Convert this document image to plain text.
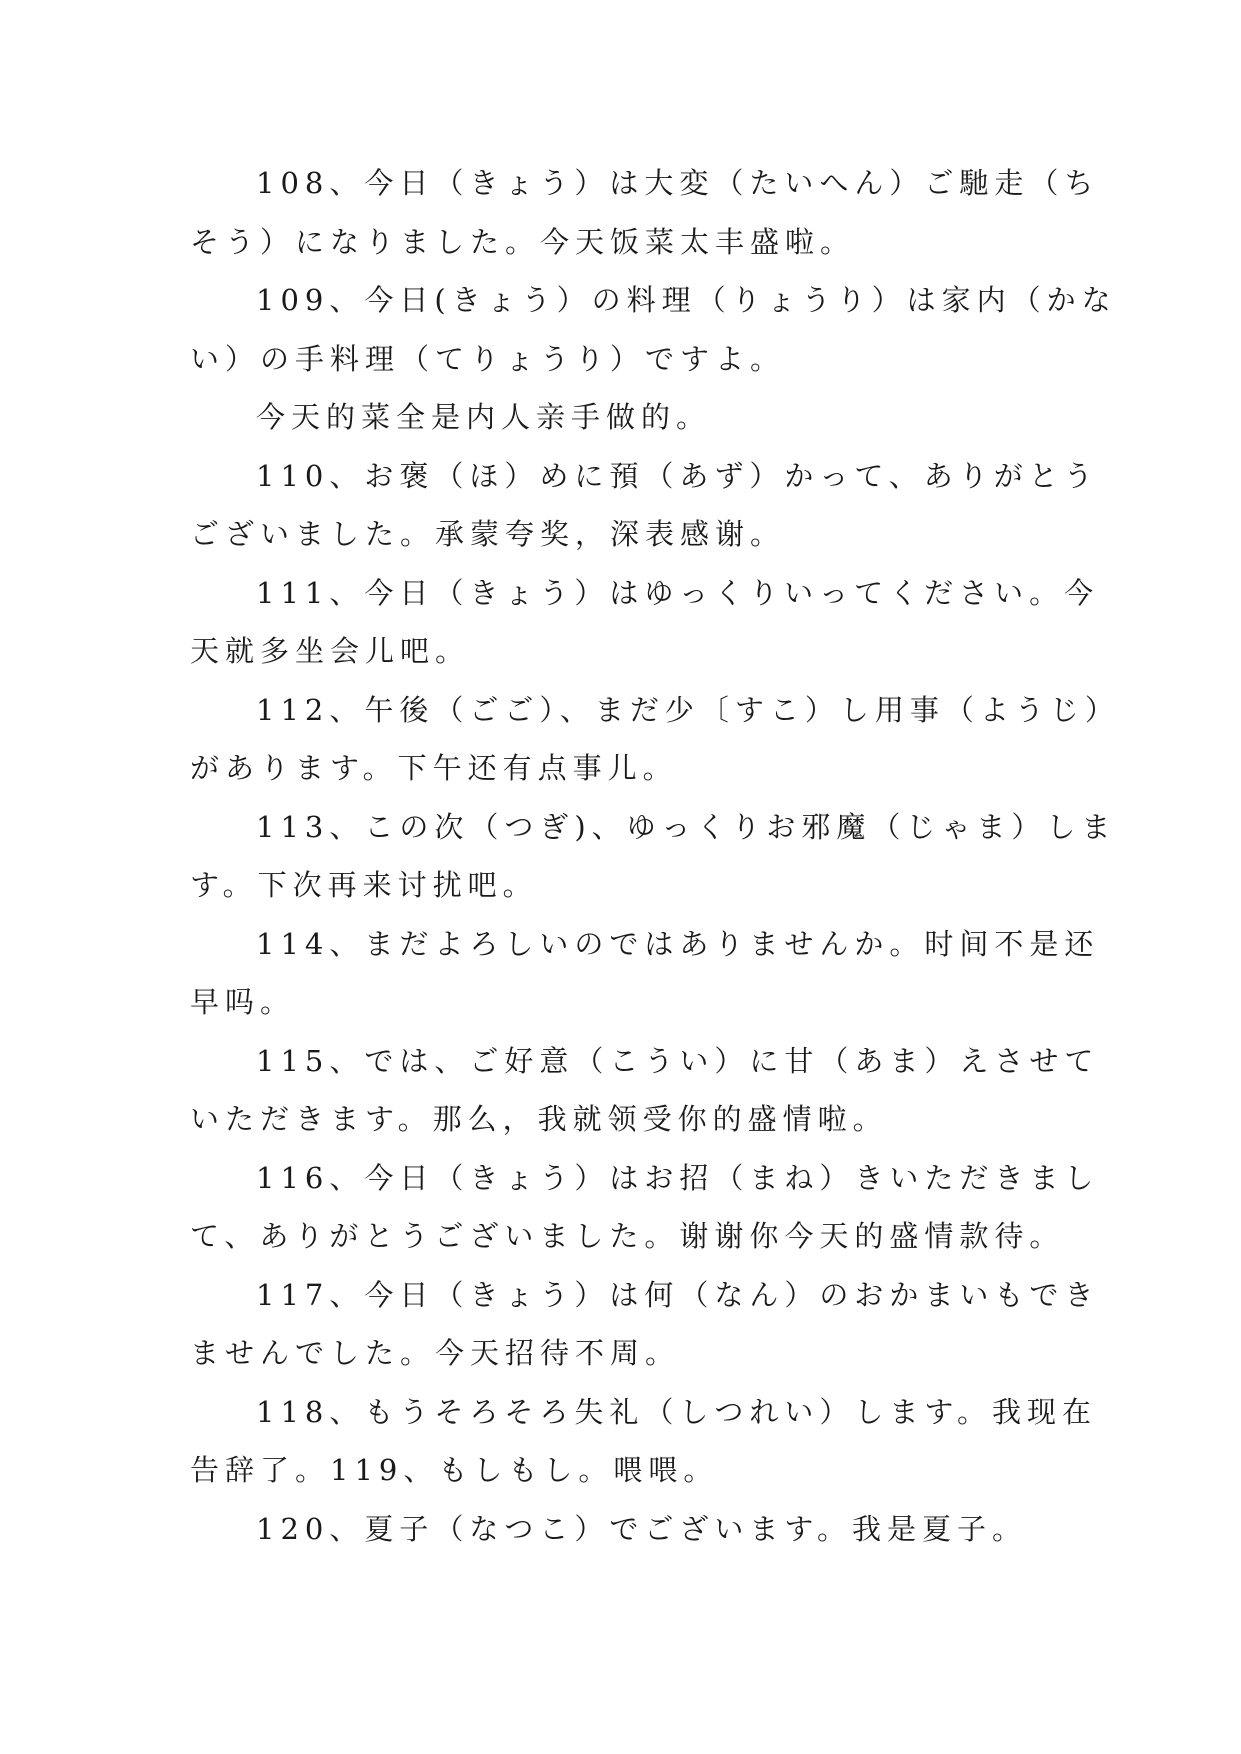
108、今日（きょう）は大変（たいへん）ご馳走（ち
そう）になりました。今天饭菜太丰盛啦。

109、今日(きょう）の料理（りょうり）は家内（かな
い）の手料理（てりょうり）ですよ。

今天的菜全是内人亲手做的。

110、お褒（ほ）めに預（あず）かって、ありがとう
ございました。承蒙夸奖，深表感谢。

111、今日（きょう）はゆっくりいってください。今
天就多坐会儿吧。

112、午後（ごご）、まだ少〔すこ）し用事（ようじ）
があります。下午还有点事儿。

113、この次（つぎ)、ゆっくりお邪魔（じゃま）しま
す。下次再来讨扰吧。

114、まだよろしいのではありませんか。时间不是还
早吗。

115、では、ご好意（こうい）に甘（あま）えさせて
いただきます。那么，我就领受你的盛情啦。

116、今日（きょう）はお招（まね）きいただきまし
て、ありがとうございました。谢谢你今天的盛情款待。

117、今日（きょう）は何（なん）のおかまいもでき
ませんでした。今天招待不周。

118、もうそろそろ失礼（しつれい）します。我现在
告辞了。119、もしもし。喂喂。

120、夏子（なつこ）でございます。我是夏子。
